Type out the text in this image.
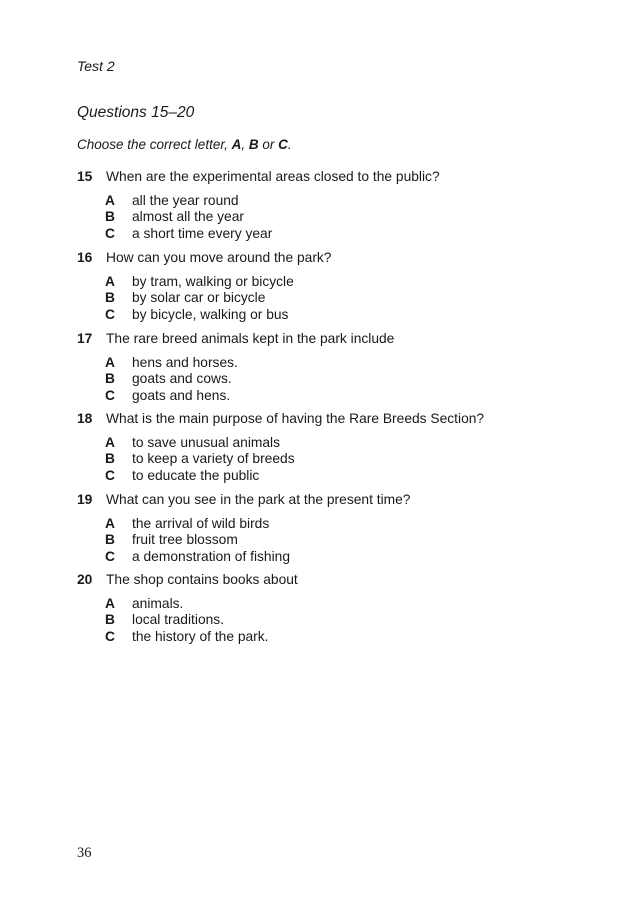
Test 2
Questions 15–20
Choose the correct letter, A, B or C.
15 When are the experimental areas closed to the public?
A	all the year round
B	almost all the year
C	a short time every year
16 How can you move around the park?
A	by tram, walking or bicycle
B	by solar car or bicycle
C	by bicycle, walking or bus
17 The rare breed animals kept in the park include
A	hens and horses.
B	goats and cows.
C	goats and hens.
18 What is the main purpose of having the Rare Breeds Section?
A	to save unusual animals
B	to keep a variety of breeds
C	to educate the public
19 What can you see in the park at the present time?
A	the arrival of wild birds
B	fruit tree blossom
C	a demonstration of fishing
20 The shop contains books about
A	animals.
B	local traditions.
C	the history of the park.
36
